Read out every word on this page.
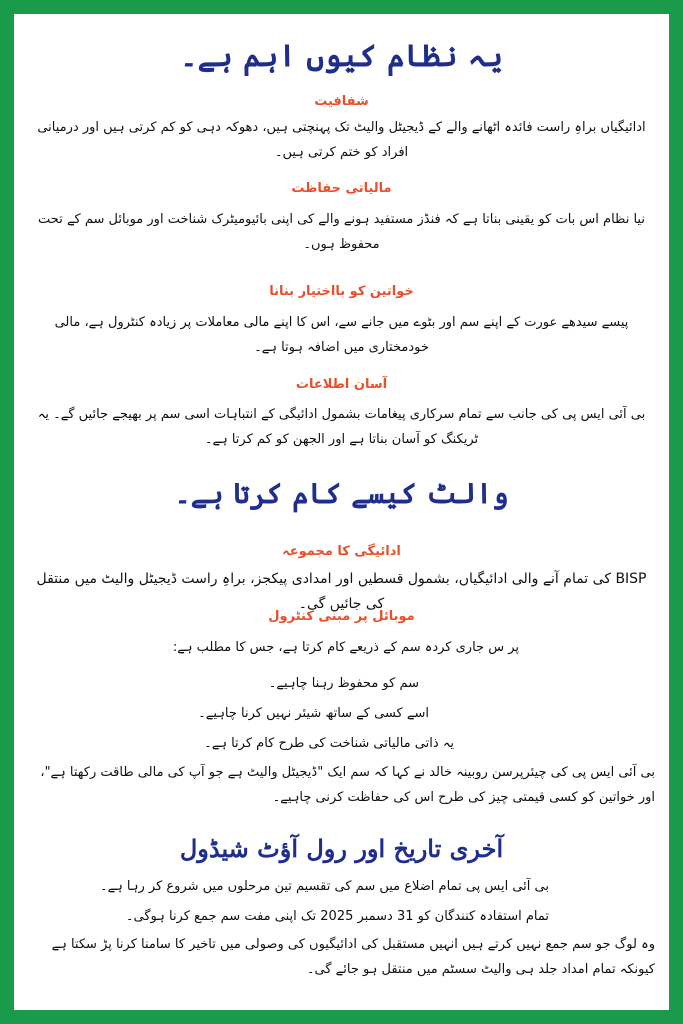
یہ نظام کیوں اہم ہے۔
شفافیت
ادائیگیاں براہِ راست فائدہ اٹھانے والے کے ڈیجیٹل والیٹ تک پہنچتی ہیں، دھوکہ دہی کو کم کرتی ہیں اور درمیانی افراد کو ختم کرتی ہیں۔
مالیاتی حفاظت
نیا نظام اس بات کو یقینی بناتا ہے کہ فنڈز مستفید ہونے والے کی اپنی بائیومیٹرک شناخت اور موبائل سم کے تحت محفوظ ہوں۔
خواتین کو بااختیار بنانا
پیسے سیدھے عورت کے اپنے سم اور بٹوے میں جانے سے، اس کا اپنے مالی معاملات پر زیادہ کنٹرول ہے، مالی خودمختاری میں اضافہ ہوتا ہے۔
آسان اطلاعات
بی آئی ایس پی کی جانب سے تمام سرکاری پیغامات بشمول ادائیگی کے انتباہات اسی سم پر بھیجے جائیں گے۔ یہ ٹریکنگ کو آسان بناتا ہے اور الجھن کو کم کرتا ہے۔
والٹ کیسے کام کرتا ہے۔
ادائیگی کا مجموعہ
BISP کی تمام آنے والی ادائیگیاں، بشمول قسطیں اور امدادی پیکجز، براہِ راست ڈیجیٹل والیٹ میں منتقل کی جائیں گی۔
موبائل پر مبنی کنٹرول
پر س جاری کردہ سم کے ذریعے کام کرتا ہے، جس کا مطلب ہے:
سم کو محفوظ رہنا چاہیے۔
اسے کسی کے ساتھ شیئر نہیں کرنا چاہیے۔
یہ ذاتی مالیاتی شناخت کی طرح کام کرتا ہے۔
بی آئی ایس پی کی چیئرپرسن روبینہ خالد نے کہا کہ سم ایک "ڈیجیٹل والیٹ ہے جو آپ کی مالی طاقت رکھتا ہے"، اور خواتین کو کسی قیمتی چیز کی طرح اس کی حفاظت کرنی چاہیے۔
آخری تاریخ اور رول آؤٹ شیڈول
بی آئی ایس پی تمام اضلاع میں سم کی تقسیم تین مرحلوں میں شروع کر رہا ہے۔
تمام استفادہ کنندگان کو 31 دسمبر 2025 تک اپنی مفت سم جمع کرنا ہوگی۔
وہ لوگ جو سم جمع نہیں کرتے ہیں انہیں مستقبل کی ادائیگیوں کی وصولی میں تاخیر کا سامنا کرنا پڑ سکتا ہے کیونکہ تمام امداد جلد ہی والیٹ سسٹم میں منتقل ہو جائے گی۔
